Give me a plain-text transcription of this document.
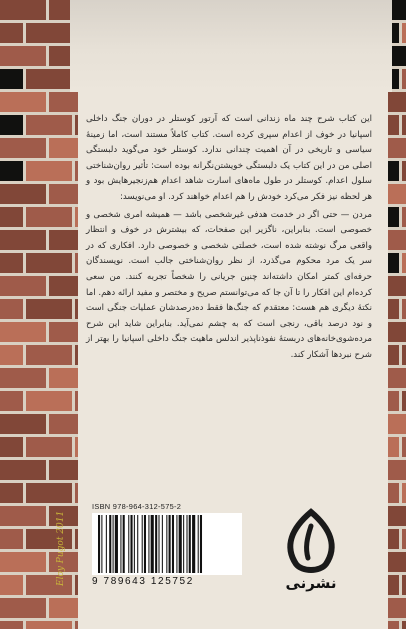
این کتاب شرح چند ماه زندانی است که آرتور کوستلر در دوران جنگ داخلی اسپانیا در خوف از اعدام سپری کرده است. کتاب کاملاً مستند است، اما زمینهٔ سیاسی و تاریخی در آن اهمیت چندانی ندارد. کوستلر خود می‌گوید دلبستگی اصلی من در این کتاب یک دلبستگی خویشتن‌نگرانه بوده است: تأثیر روان‌شناختی سلول اعدام. کوستلر در طول ماه‌های اسارت شاهد اعدام هم‌زنجیرهایش بود و هر لحظه نیز فکر می‌کرد خودش را هم اعدام خواهند کرد. او می‌نویسد:

مردن — حتی اگر در خدمت هدفی غیرشخصی باشد — همیشه امری شخصی و خصوصی است. بنابراین، ناگزیر این صفحات، که بیشترش در خوف و انتظار واقعی مرگ نوشته شده است، خصلتی شخصی و خصوصی دارد. افکاری که در سر یک مرد محکوم می‌گذرد، از نظر روان‌شناختی جالب است. نویسندگان حرفه‌ای کمتر امکان داشته‌اند چنین جریانی را شخصاً تجربه کنند. من سعی کرده‌ام این افکار را تا آن جا که می‌توانستم صریح و مختصر و مفید ارائه دهم. اما نکتهٔ دیگری هم هست: معتقدم که جنگ‌ها فقط ده‌درصدشان عملیات جنگی است و نود درصد باقی، رنجی است که به چشم نمی‌آید. بنابراین شاید این شرح مرده‌شوی‌خانه‌های دربستهٔ نفوذناپذیر اندلس ماهیت جنگ داخلی اسپانیا را بهتر از شرح نبردها آشکار کند.

Eloy Pugot 2011
ISBN 978-964-312-575-2
9 789643 125752	نشرنی
